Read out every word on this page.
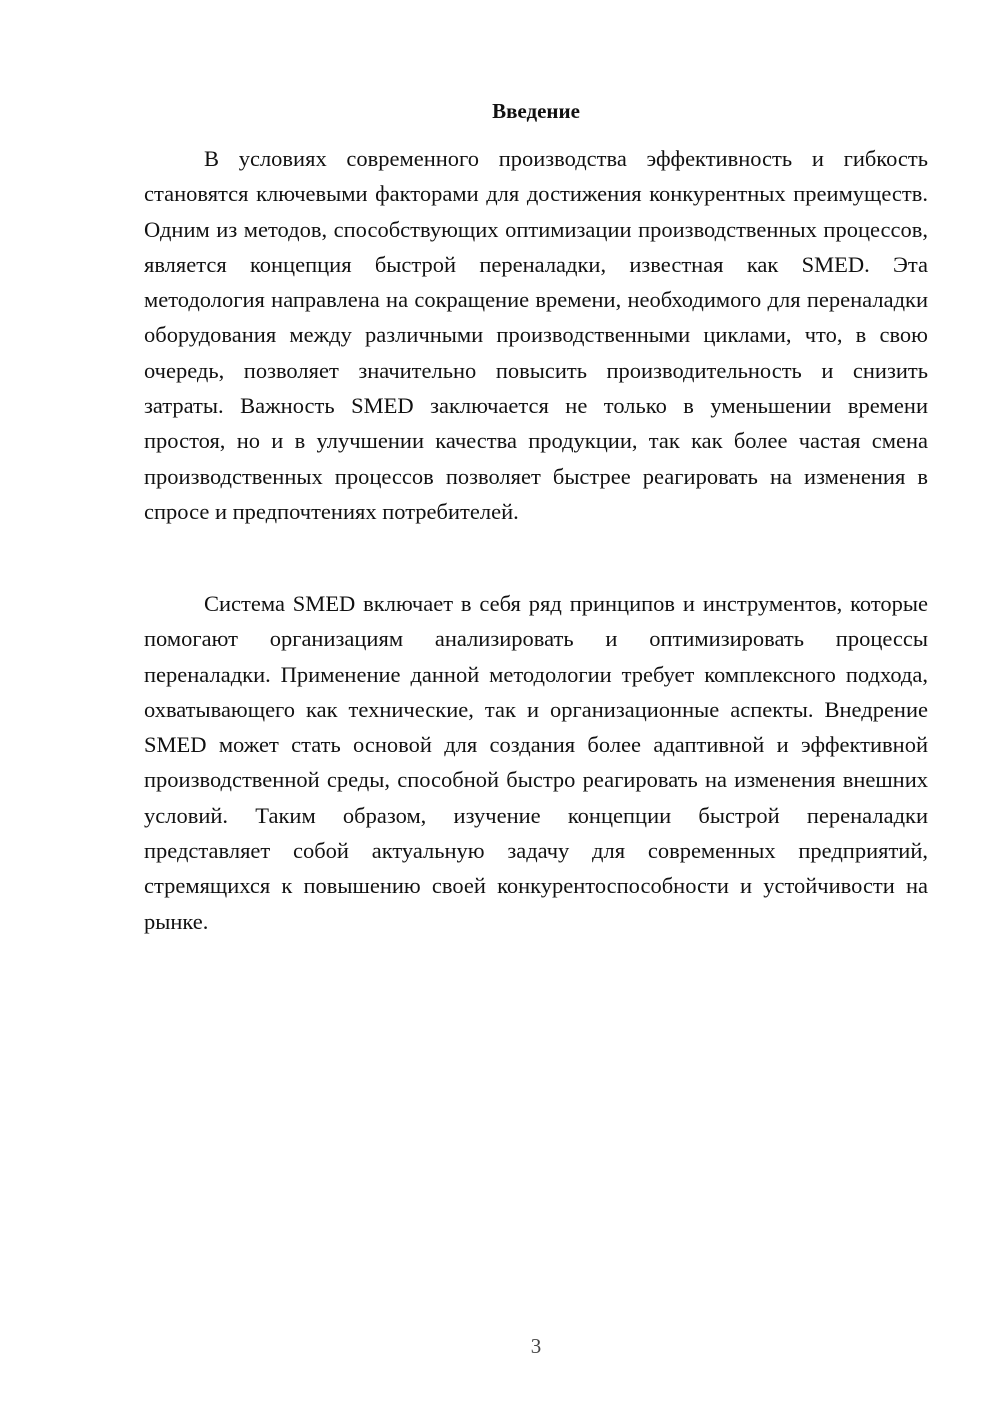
Введение

В условиях современного производства эффективность и гибкость становятся ключевыми факторами для достижения конкурентных преимуществ. Одним из методов, способствующих оптимизации производственных процессов, является концепция быстрой переналадки, известная как SMED. Эта методология направлена на сокращение времени, необходимого для переналадки оборудования между различными производственными циклами, что, в свою очередь, позволяет значительно повысить производительность и снизить затраты. Важность SMED заключается не только в уменьшении времени простоя, но и в улучшении качества продукции, так как более частая смена производственных процессов позволяет быстрее реагировать на изменения в спросе и предпочтениях потребителей.

Система SMED включает в себя ряд принципов и инструментов, которые помогают организациям анализировать и оптимизировать процессы переналадки. Применение данной методологии требует комплексного подхода, охватывающего как технические, так и организационные аспекты. Внедрение SMED может стать основой для создания более адаптивной и эффективной производственной среды, способной быстро реагировать на изменения внешних условий. Таким образом, изучение концепции быстрой переналадки представляет собой актуальную задачу для современных предприятий, стремящихся к повышению своей конкурентоспособности и устойчивости на рынке.

3
